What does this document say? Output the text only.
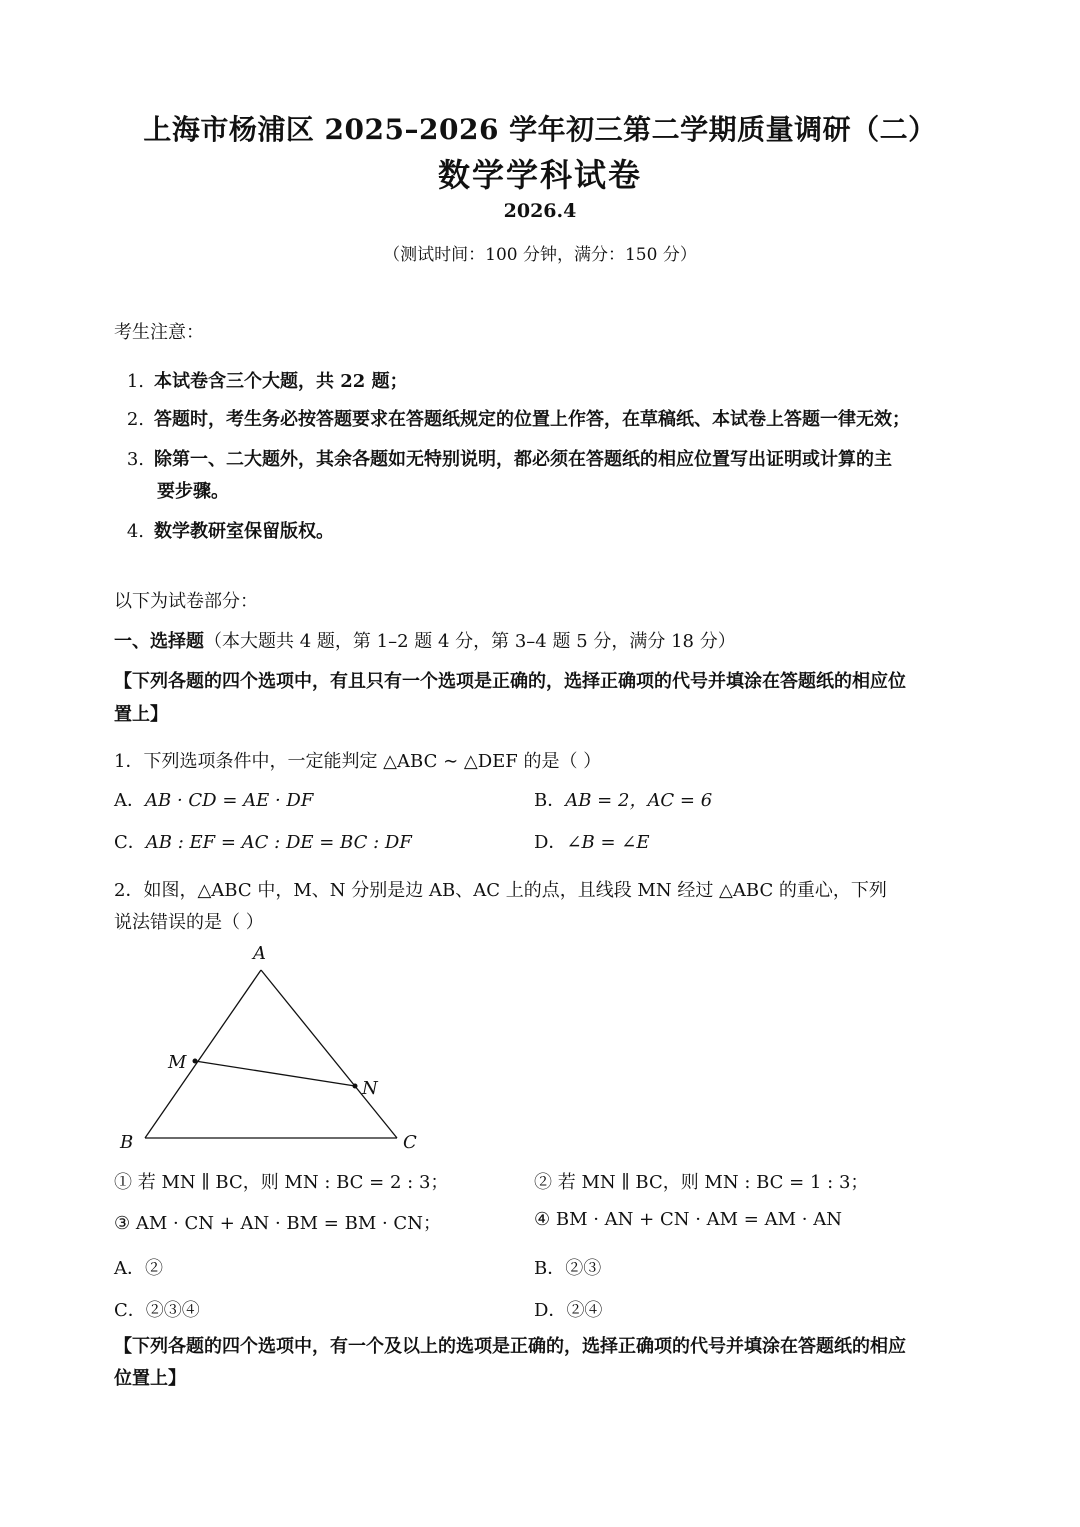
上海市杨浦区 2025–2026 学年初三第二学期质量调研（二）
数学学科试卷
2026.4
（测试时间：100 分钟，满分：150 分）
考生注意：
1. 本试卷含三个大题，共 22 题；
2. 答题时，考生务必按答题要求在答题纸规定的位置上作答，在草稿纸、本试卷上答题一律无效；
3. 除第一、二大题外，其余各题如无特别说明，都必须在答题纸的相应位置写出证明或计算的主
要步骤。
4. 数学教研室保留版权。
以下为试卷部分：
一、选择题（本大题共 4 题，第 1–2 题 4 分，第 3–4 题 5 分，满分 18 分）
【下列各题的四个选项中，有且只有一个选项是正确的，选择正确项的代号并填涂在答题纸的相应位
置上】
1．下列选项条件中，一定能判定 △ABC ∼ △DEF 的是（ ）
A．AB · CD = AE · DF	B．AB = 2，AC = 6
C．AB : EF = AC : DE = BC : DF	D．∠B = ∠E
2．如图，△ABC 中，M、N 分别是边 AB、AC 上的点，且线段 MN 经过 △ABC 的重心，下列
说法错误的是（ ）
A
M
N
B	C
① 若 MN ∥ BC，则 MN : BC = 2 : 3；	② 若 MN ∥ BC，则 MN : BC = 1 : 3；
③ AM · CN + AN · BM = BM · CN；	④ BM · AN + CN · AM = AM · AN
A．②	B．②③
C．②③④	D．②④
【下列各题的四个选项中，有一个及以上的选项是正确的，选择正确项的代号并填涂在答题纸的相应
位置上】
